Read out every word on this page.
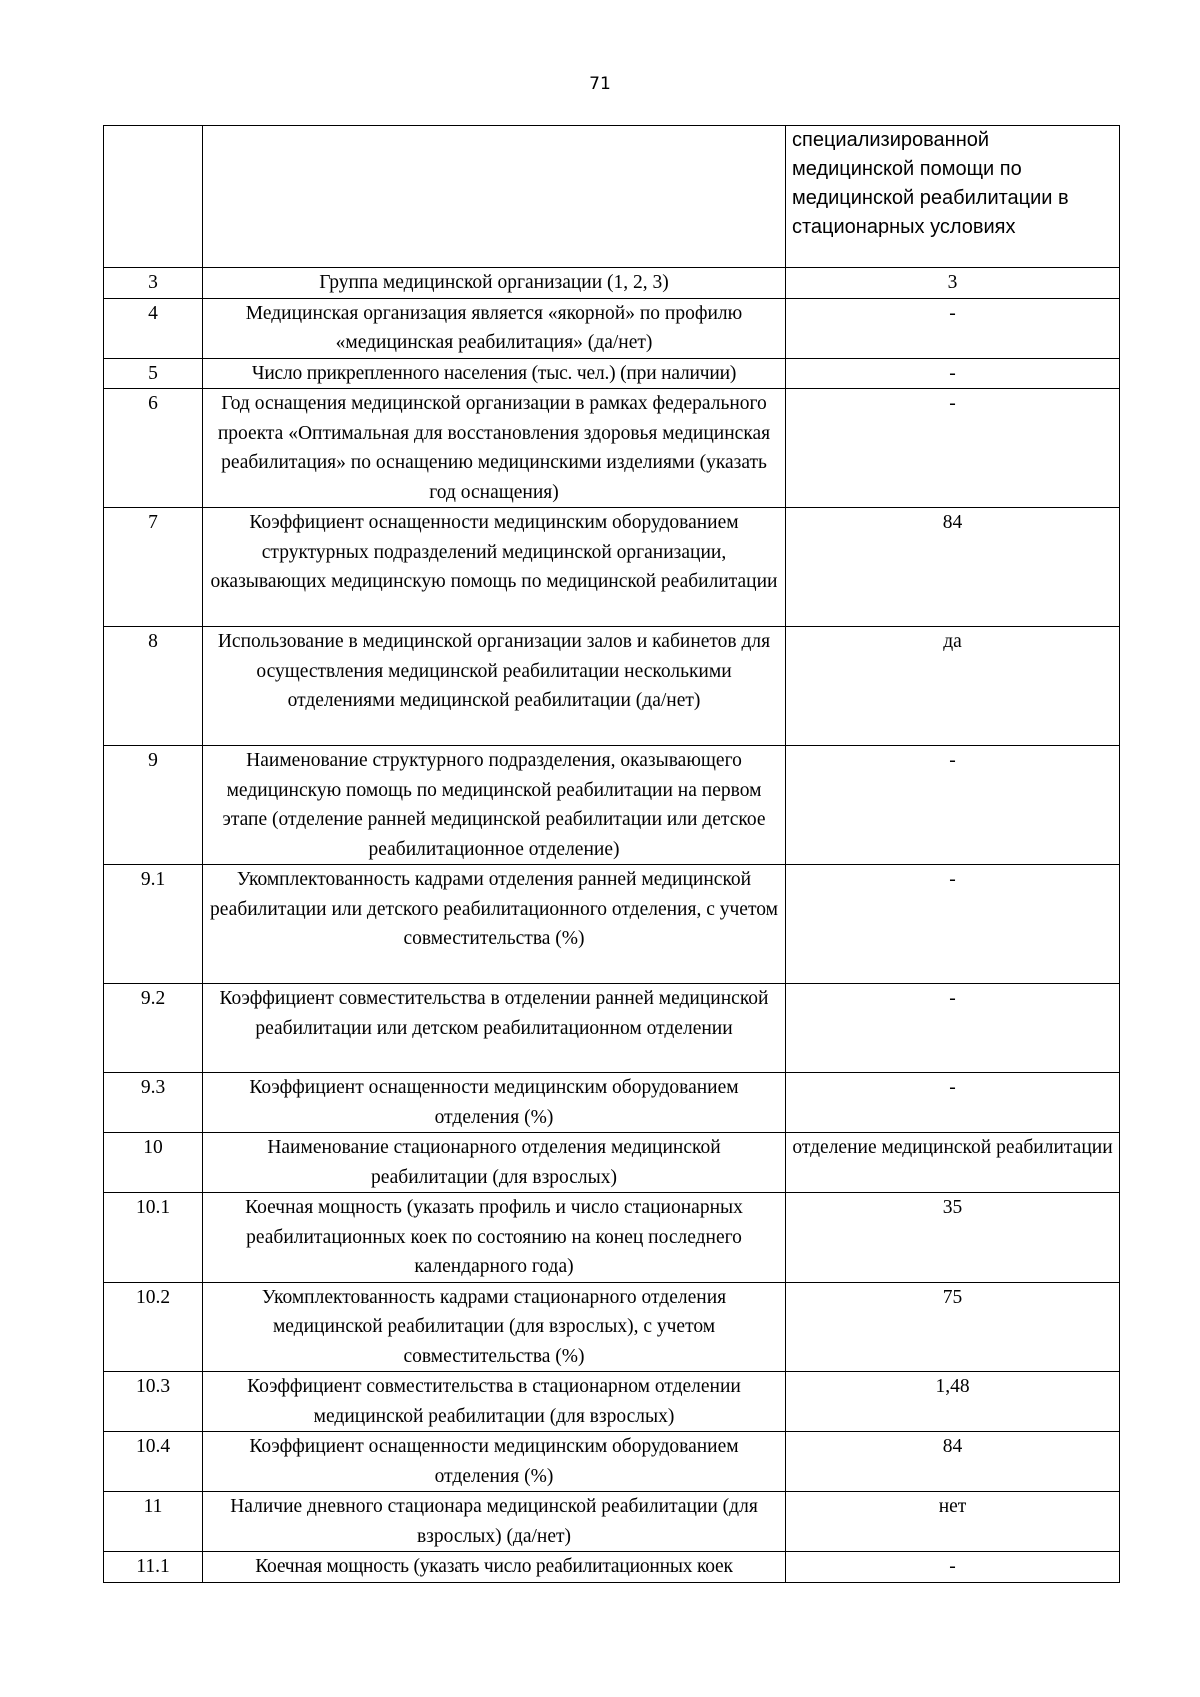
71
		специализированной медицинской помощи по медицинской реабилитации в стационарных условиях
3	Группа медицинской организации (1, 2, 3)	3
4	Медицинская организация является «якорной» по профилю «медицинская реабилитация» (да/нет)	-
5	Число прикрепленного населения (тыс. чел.) (при наличии)	-
6	Год оснащения медицинской организации в рамках федерального проекта «Оптимальная для восстановления здоровья медицинская реабилитация» по оснащению медицинскими изделиями (указать год оснащения)	-
7	Коэффициент оснащенности медицинским оборудованием структурных подразделений медицинской организации, оказывающих медицинскую помощь по медицинской реабилитации	84
8	Использование в медицинской организации залов и кабинетов для осуществления медицинской реабилитации несколькими отделениями медицинской реабилитации (да/нет)	да
9	Наименование структурного подразделения, оказывающего медицинскую помощь по медицинской реабилитации на первом этапе (отделение ранней медицинской реабилитации или детское реабилитационное отделение)	-
9.1	Укомплектованность кадрами отделения ранней медицинской реабилитации или детского реабилитационного отделения, с учетом совместительства (%)	-
9.2	Коэффициент совместительства в отделении ранней медицинской реабилитации или детском реабилитационном отделении	-
9.3	Коэффициент оснащенности медицинским оборудованием отделения (%)	-
10	Наименование стационарного отделения медицинской реабилитации (для взрослых)	отделение медицинской реабилитации
10.1	Коечная мощность (указать профиль и число стационарных реабилитационных коек по состоянию на конец последнего календарного года)	35
10.2	Укомплектованность кадрами стационарного отделения медицинской реабилитации (для взрослых), с учетом совместительства (%)	75
10.3	Коэффициент совместительства в стационарном отделении медицинской реабилитации (для взрослых)	1,48
10.4	Коэффициент оснащенности медицинским оборудованием отделения (%)	84
11	Наличие дневного стационара медицинской реабилитации (для взрослых) (да/нет)	нет
11.1	Коечная мощность (указать число реабилитационных коек	-
